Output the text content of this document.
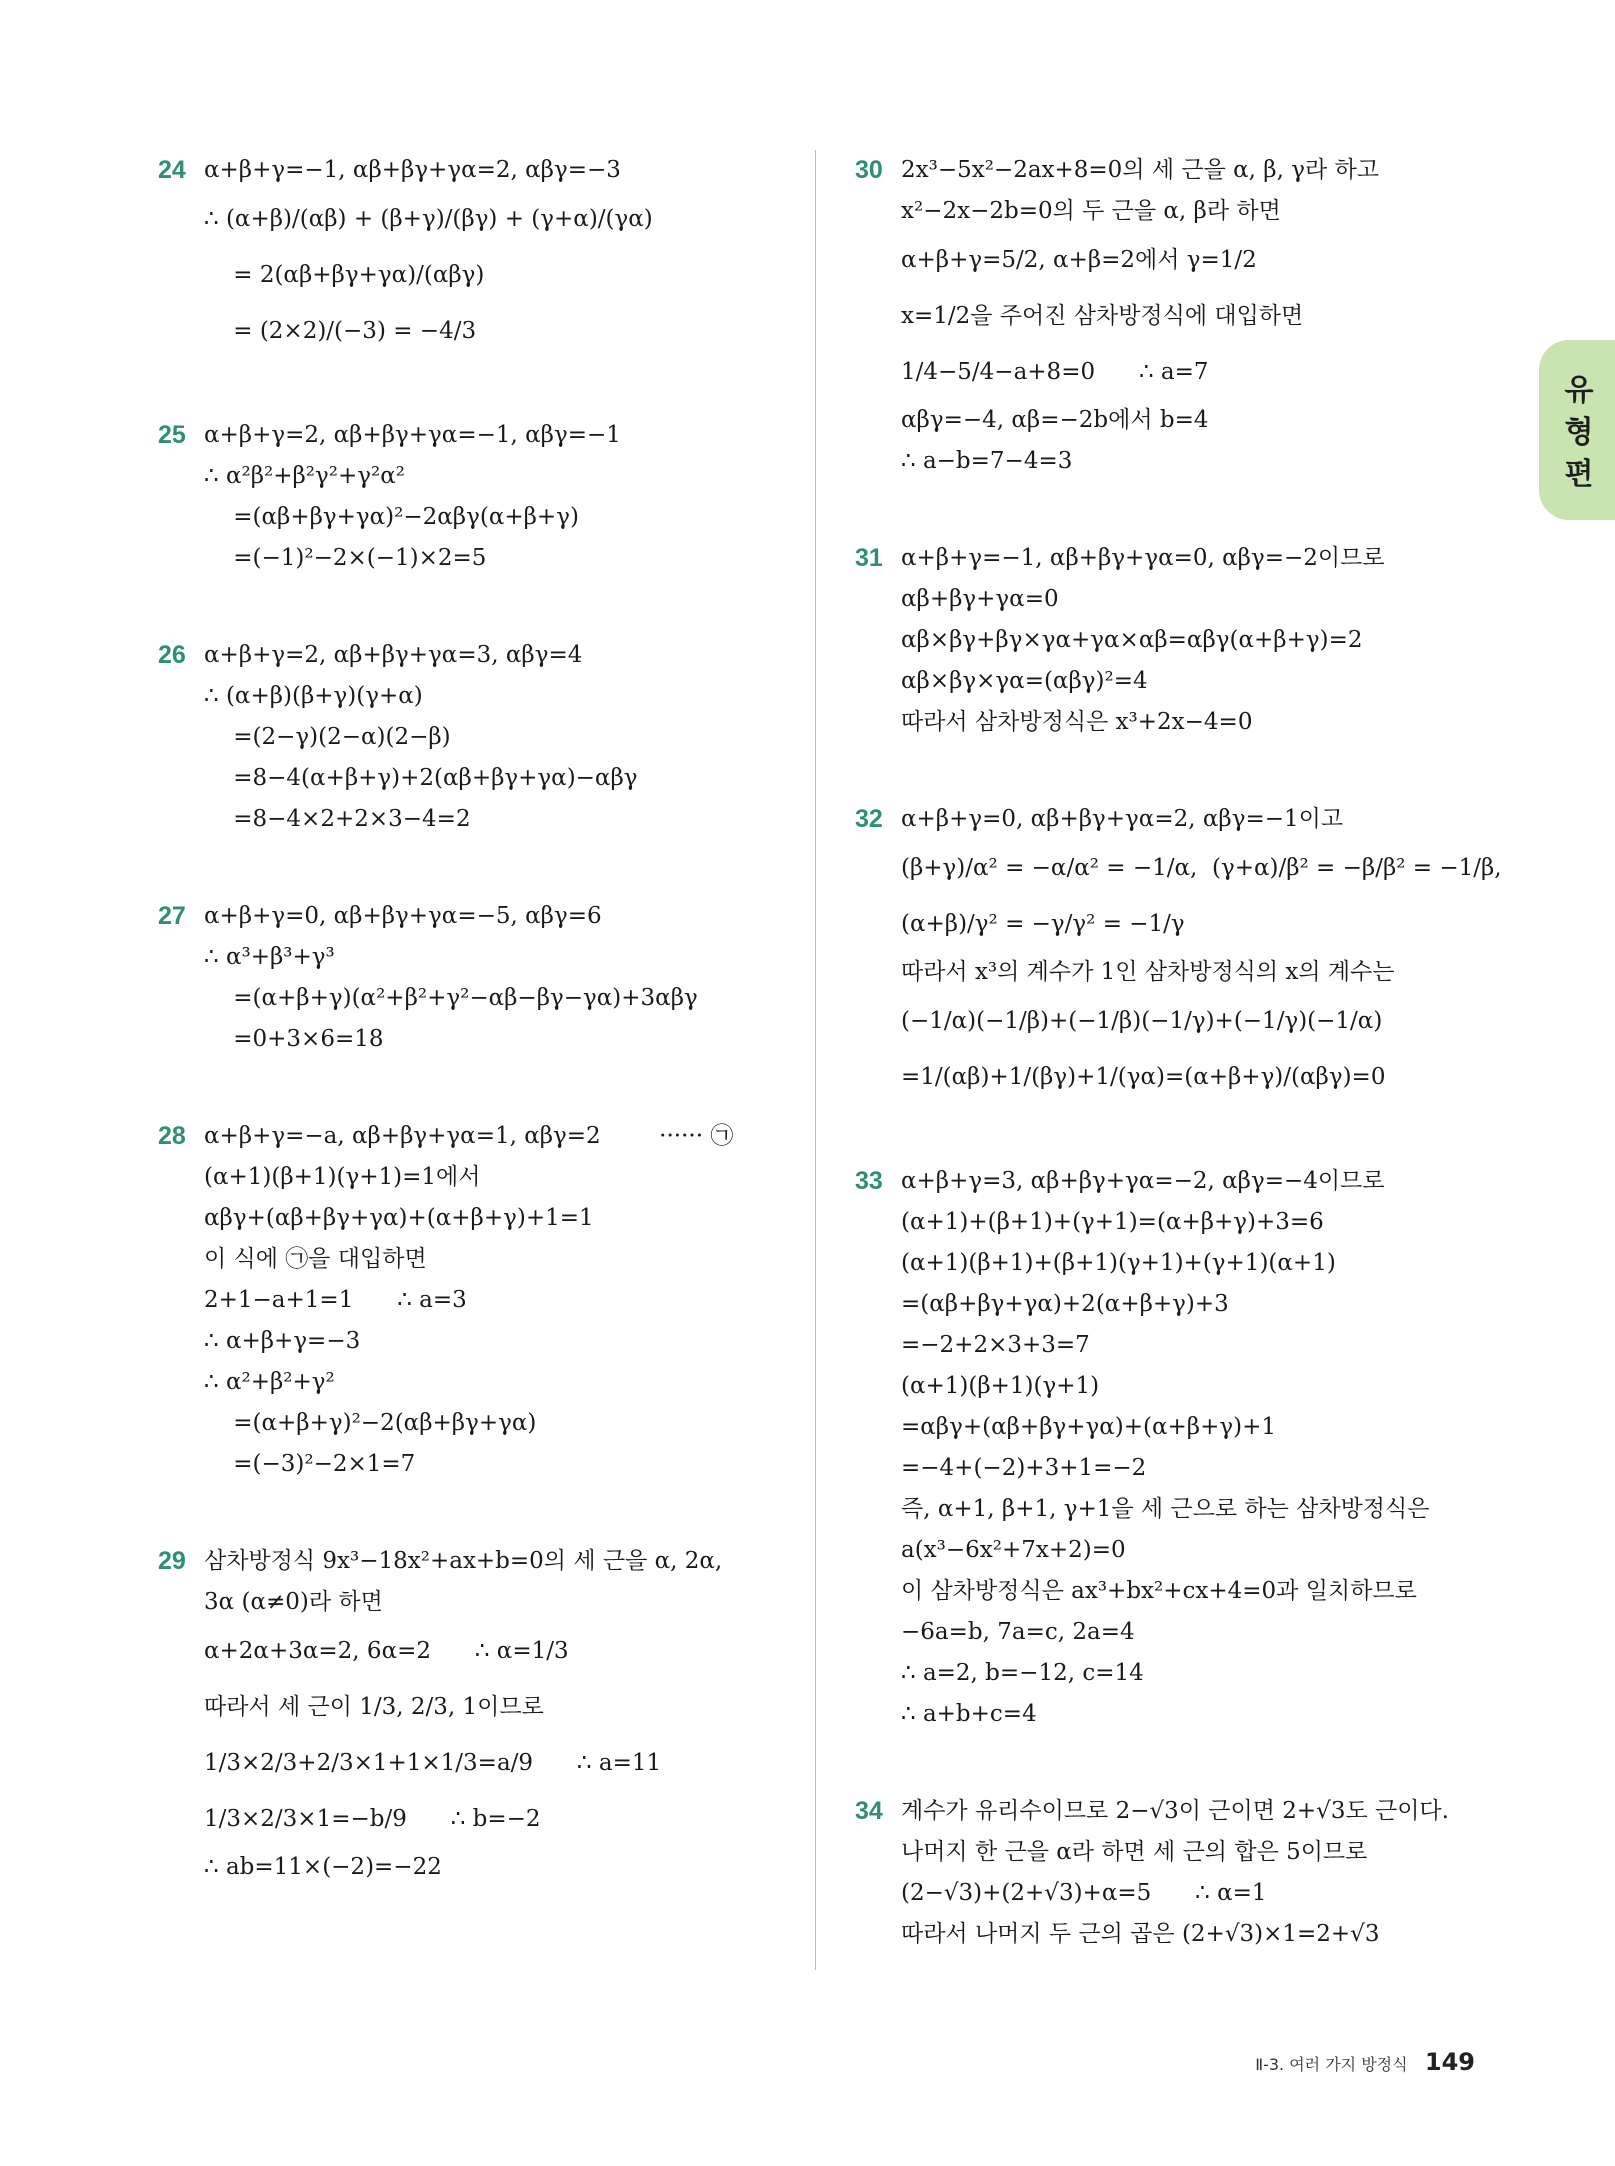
24 α+β+γ=−1, αβ+βγ+γα=2, αβγ=−3
∴ (α+β)/(αβ) + (β+γ)/(βγ) + (γ+α)/(γα)
= 2(αβ+βγ+γα)/(αβγ)
= (2×2)/(−3) = −4/3
25 α+β+γ=2, αβ+βγ+γα=−1, αβγ=−1
∴ α²β²+β²γ²+γ²α²
=(αβ+βγ+γα)²−2αβγ(α+β+γ)
=(−1)²−2×(−1)×2=5
26 α+β+γ=2, αβ+βγ+γα=3, αβγ=4
∴ (α+β)(β+γ)(γ+α)
=(2−γ)(2−α)(2−β)
=8−4(α+β+γ)+2(αβ+βγ+γα)−αβγ
=8−4×2+2×3−4=2
27 α+β+γ=0, αβ+βγ+γα=−5, αβγ=6
∴ α³+β³+γ³
=(α+β+γ)(α²+β²+γ²−αβ−βγ−γα)+3αβγ
=0+3×6=18
28 α+β+γ=−a, αβ+βγ+γα=1, αβγ=2        ······ ㉠
(α+1)(β+1)(γ+1)=1에서
αβγ+(αβ+βγ+γα)+(α+β+γ)+1=1
이 식에 ㉠을 대입하면
2+1−a+1=1      ∴ a=3
∴ α+β+γ=−3
∴ α²+β²+γ²
=(α+β+γ)²−2(αβ+βγ+γα)
=(−3)²−2×1=7
29 삼차방정식 9x³−18x²+ax+b=0의 세 근을 α, 2α,
3α (α≠0)라 하면
α+2α+3α=2, 6α=2      ∴ α=1/3
따라서 세 근이 1/3, 2/3, 1이므로
1/3×2/3+2/3×1+1×1/3=a/9      ∴ a=11
1/3×2/3×1=−b/9      ∴ b=−2
∴ ab=11×(−2)=−22
30 2x³−5x²−2ax+8=0의 세 근을 α, β, γ라 하고
x²−2x−2b=0의 두 근을 α, β라 하면
α+β+γ=5/2, α+β=2에서 γ=1/2
x=1/2을 주어진 삼차방정식에 대입하면
1/4−5/4−a+8=0      ∴ a=7
αβγ=−4, αβ=−2b에서 b=4
∴ a−b=7−4=3
31 α+β+γ=−1, αβ+βγ+γα=0, αβγ=−2이므로
αβ+βγ+γα=0
αβ×βγ+βγ×γα+γα×αβ=αβγ(α+β+γ)=2
αβ×βγ×γα=(αβγ)²=4
따라서 삼차방정식은 x³+2x−4=0
32 α+β+γ=0, αβ+βγ+γα=2, αβγ=−1이고
(β+γ)/α² = −α/α² = −1/α,  (γ+α)/β² = −β/β² = −1/β,
(α+β)/γ² = −γ/γ² = −1/γ
따라서 x³의 계수가 1인 삼차방정식의 x의 계수는
(−1/α)(−1/β)+(−1/β)(−1/γ)+(−1/γ)(−1/α)
=1/(αβ)+1/(βγ)+1/(γα)=(α+β+γ)/(αβγ)=0
33 α+β+γ=3, αβ+βγ+γα=−2, αβγ=−4이므로
(α+1)+(β+1)+(γ+1)=(α+β+γ)+3=6
(α+1)(β+1)+(β+1)(γ+1)+(γ+1)(α+1)
=(αβ+βγ+γα)+2(α+β+γ)+3
=−2+2×3+3=7
(α+1)(β+1)(γ+1)
=αβγ+(αβ+βγ+γα)+(α+β+γ)+1
=−4+(−2)+3+1=−2
즉, α+1, β+1, γ+1을 세 근으로 하는 삼차방정식은
a(x³−6x²+7x+2)=0
이 삼차방정식은 ax³+bx²+cx+4=0과 일치하므로
−6a=b, 7a=c, 2a=4
∴ a=2, b=−12, c=14
∴ a+b+c=4
34 계수가 유리수이므로 2−√3이 근이면 2+√3도 근이다.
나머지 한 근을 α라 하면 세 근의 합은 5이므로
(2−√3)+(2+√3)+α=5      ∴ α=1
따라서 나머지 두 근의 곱은 (2+√3)×1=2+√3
유형편
Ⅱ-3. 여러 가지 방정식 149
